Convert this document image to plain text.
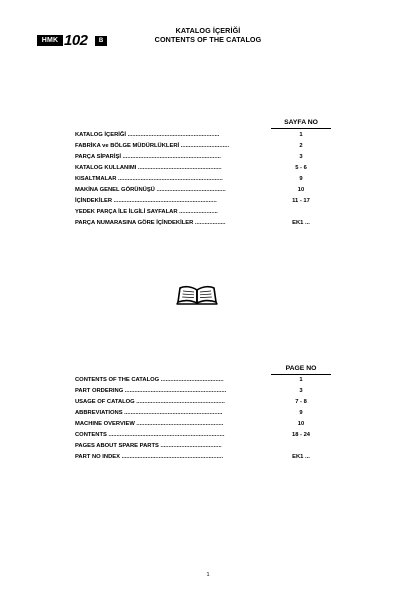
HMK 102	B
KATALOG İÇERİĞİ
CONTENTS OF THE CATALOG
SAYFA NO
KATALOG İÇERİĞİ .........................................................	1
FABRİKA ve BÖLGE MÜDÜRLÜKLERİ ..............................	2
PARÇA SİPARİŞİ .............................................................	3
KATALOG KULLANIMI ....................................................	5 - 6
KISALTMALAR .................................................................	9
MAKİNA GENEL GÖRÜNÜŞÜ ...........................................	10
İÇİNDEKİLER ................................................................	11 - 17
YEDEK PARÇA İLE İLGİLİ SAYFALAR ........................
PARÇA NUMARASINA GÖRE İÇİNDEKİLER ...................	EK1 ...
PAGE NO
CONTENTS OF THE CATALOG .......................................	1
PART ORDERING ...............................................................	3
USAGE OF CATALOG .......................................................	7 - 8
ABBREVIATIONS .............................................................	9
MACHINE OVERVIEW ......................................................	10
CONTENTS ........................................................................	18 - 24
PAGES ABOUT SPARE PARTS ......................................
PART NO INDEX ...............................................................	EK1 ...
1
